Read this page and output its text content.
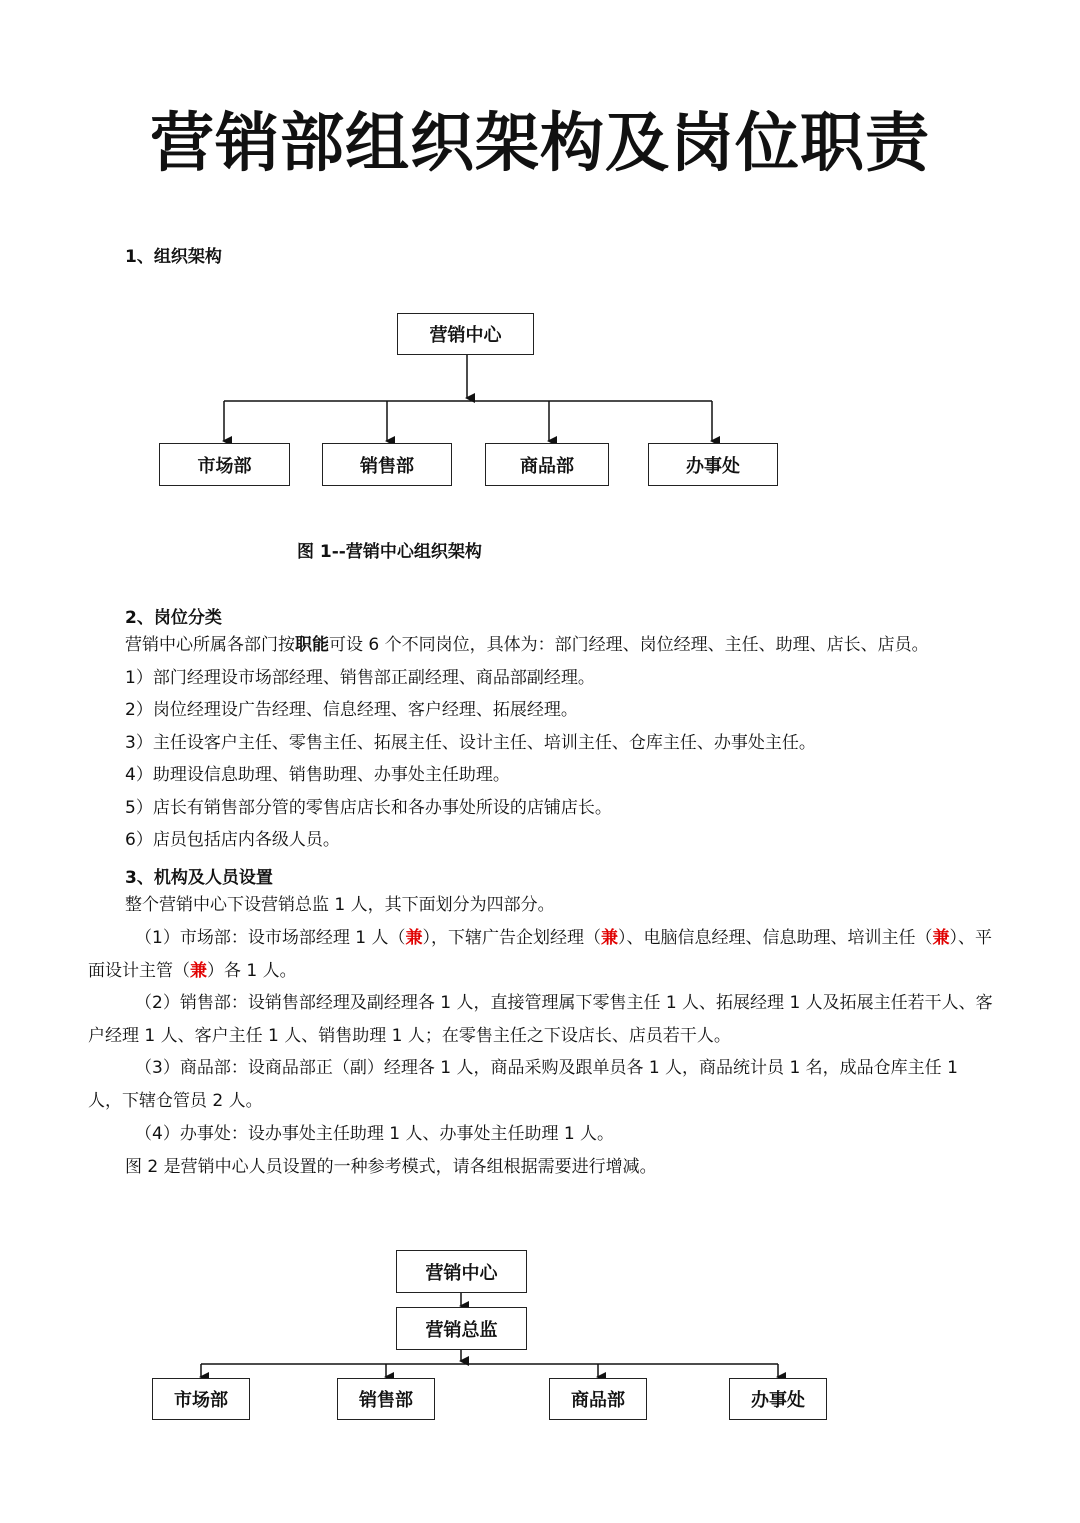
营销部组织架构及岗位职责

1、组织架构

营销中心
市场部	销售部	商品部	办事处

图 1--营销中心组织架构

2、岗位分类

营销中心所属各部门按职能可设 6 个不同岗位，具体为：部门经理、岗位经理、主任、助理、店长、店员。

1）部门经理设市场部经理、销售部正副经理、商品部副经理。

2）岗位经理设广告经理、信息经理、客户经理、拓展经理。

3）主任设客户主任、零售主任、拓展主任、设计主任、培训主任、仓库主任、办事处主任。

4）助理设信息助理、销售助理、办事处主任助理。

5）店长有销售部分管的零售店店长和各办事处所设的店铺店长。

6）店员包括店内各级人员。

3、机构及人员设置

整个营销中心下设营销总监 1 人，其下面划分为四部分。

（1）市场部：设市场部经理 1 人（兼），下辖广告企划经理（兼）、电脑信息经理、信息助理、培训主任（兼）、平面设计主管（兼）各 1 人。

（2）销售部：设销售部经理及副经理各 1 人，直接管理属下零售主任 1 人、拓展经理 1 人及拓展主任若干人、客户经理 1 人、客户主任 1 人、销售助理 1 人；在零售主任之下设店长、店员若干人。

（3）商品部：设商品部正（副）经理各 1 人，商品采购及跟单员各 1 人，商品统计员 1 名，成品仓库主任 1 人，下辖仓管员 2 人。

（4）办事处：设办事处主任助理 1 人、办事处主任助理 1 人。

图 2 是营销中心人员设置的一种参考模式，请各组根据需要进行增减。

营销中心
营销总监
市场部	销售部	商品部	办事处
